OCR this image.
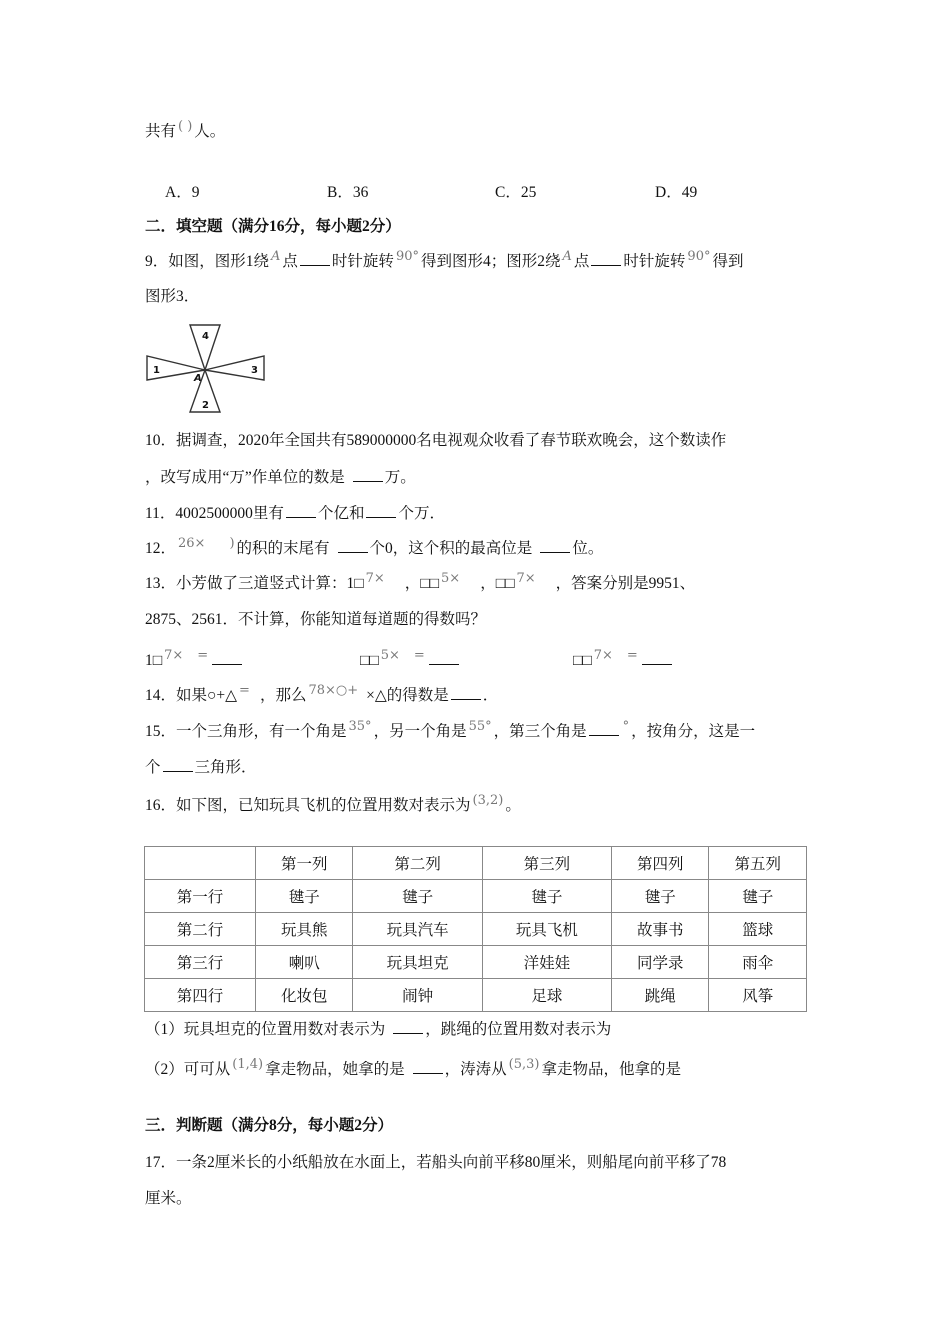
共有 ( ) 人。
A．9	B．36	C．25	D．49
二．填空题（满分16分，每小题2分）
9．如图，图形1绕 $^A$ 点 时针旋转 $^{90^\circ}$ 得到图形4；图形2绕 $^A$ 点 时针旋转 $^{90^\circ}$ 得到
图形3．
4
1	3
2
A
10．据调查，2020年全国共有589000000名电视观众收看了春节联欢晚会，这个数读作
，改写成用“万”作单位的数是	万。
11．4002500000里有 个亿和 个万．
12． $^{26\times}$ ) 的积的末尾有	个0，这个积的最高位是	位。
13．小芳做了三道竖式计算：1□ $^{7\times}$ ，□□ $^{5\times}$ ，□□ $^{7\times}$ ，答案分别是9951、
2875、2561．不计算，你能知道每道题的得数吗？
1□ $^{7\times}$ =	□□ $^{5\times}$ =	□□ $^{7\times}$ =
14．如果○+△ = ，那么 $^{78\times○+}$ ×△的得数是 ．
15．一个三角形，有一个角是 $^{35^\circ}$ ，另一个角是 $^{55^\circ}$ ，第三个角是	° ，按角分，这是一
个 三角形．
16．如下图，已知玩具飞机的位置用数对表示为 $^{(3,2)}$ 。
	第一列	第二列	第三列	第四列	第五列
第一行	毽子	毽子	毽子	毽子	毽子
第二行	玩具熊	玩具汽车	玩具飞机	故事书	篮球
第三行	喇叭	玩具坦克	洋娃娃	同学录	雨伞
第四行	化妆包	闹钟	足球	跳绳	风筝
（1）玩具坦克的位置用数对表示为	，跳绳的位置用数对表示为
（2）可可从 $^{(1,4)}$ 拿走物品，她拿的是	，涛涛从 $^{(5,3)}$ 拿走物品，他拿的是
三．判断题（满分8分，每小题2分）
17．一条2厘米长的小纸船放在水面上，若船头向前平移80厘米，则船尾向前平移了78
厘米。
